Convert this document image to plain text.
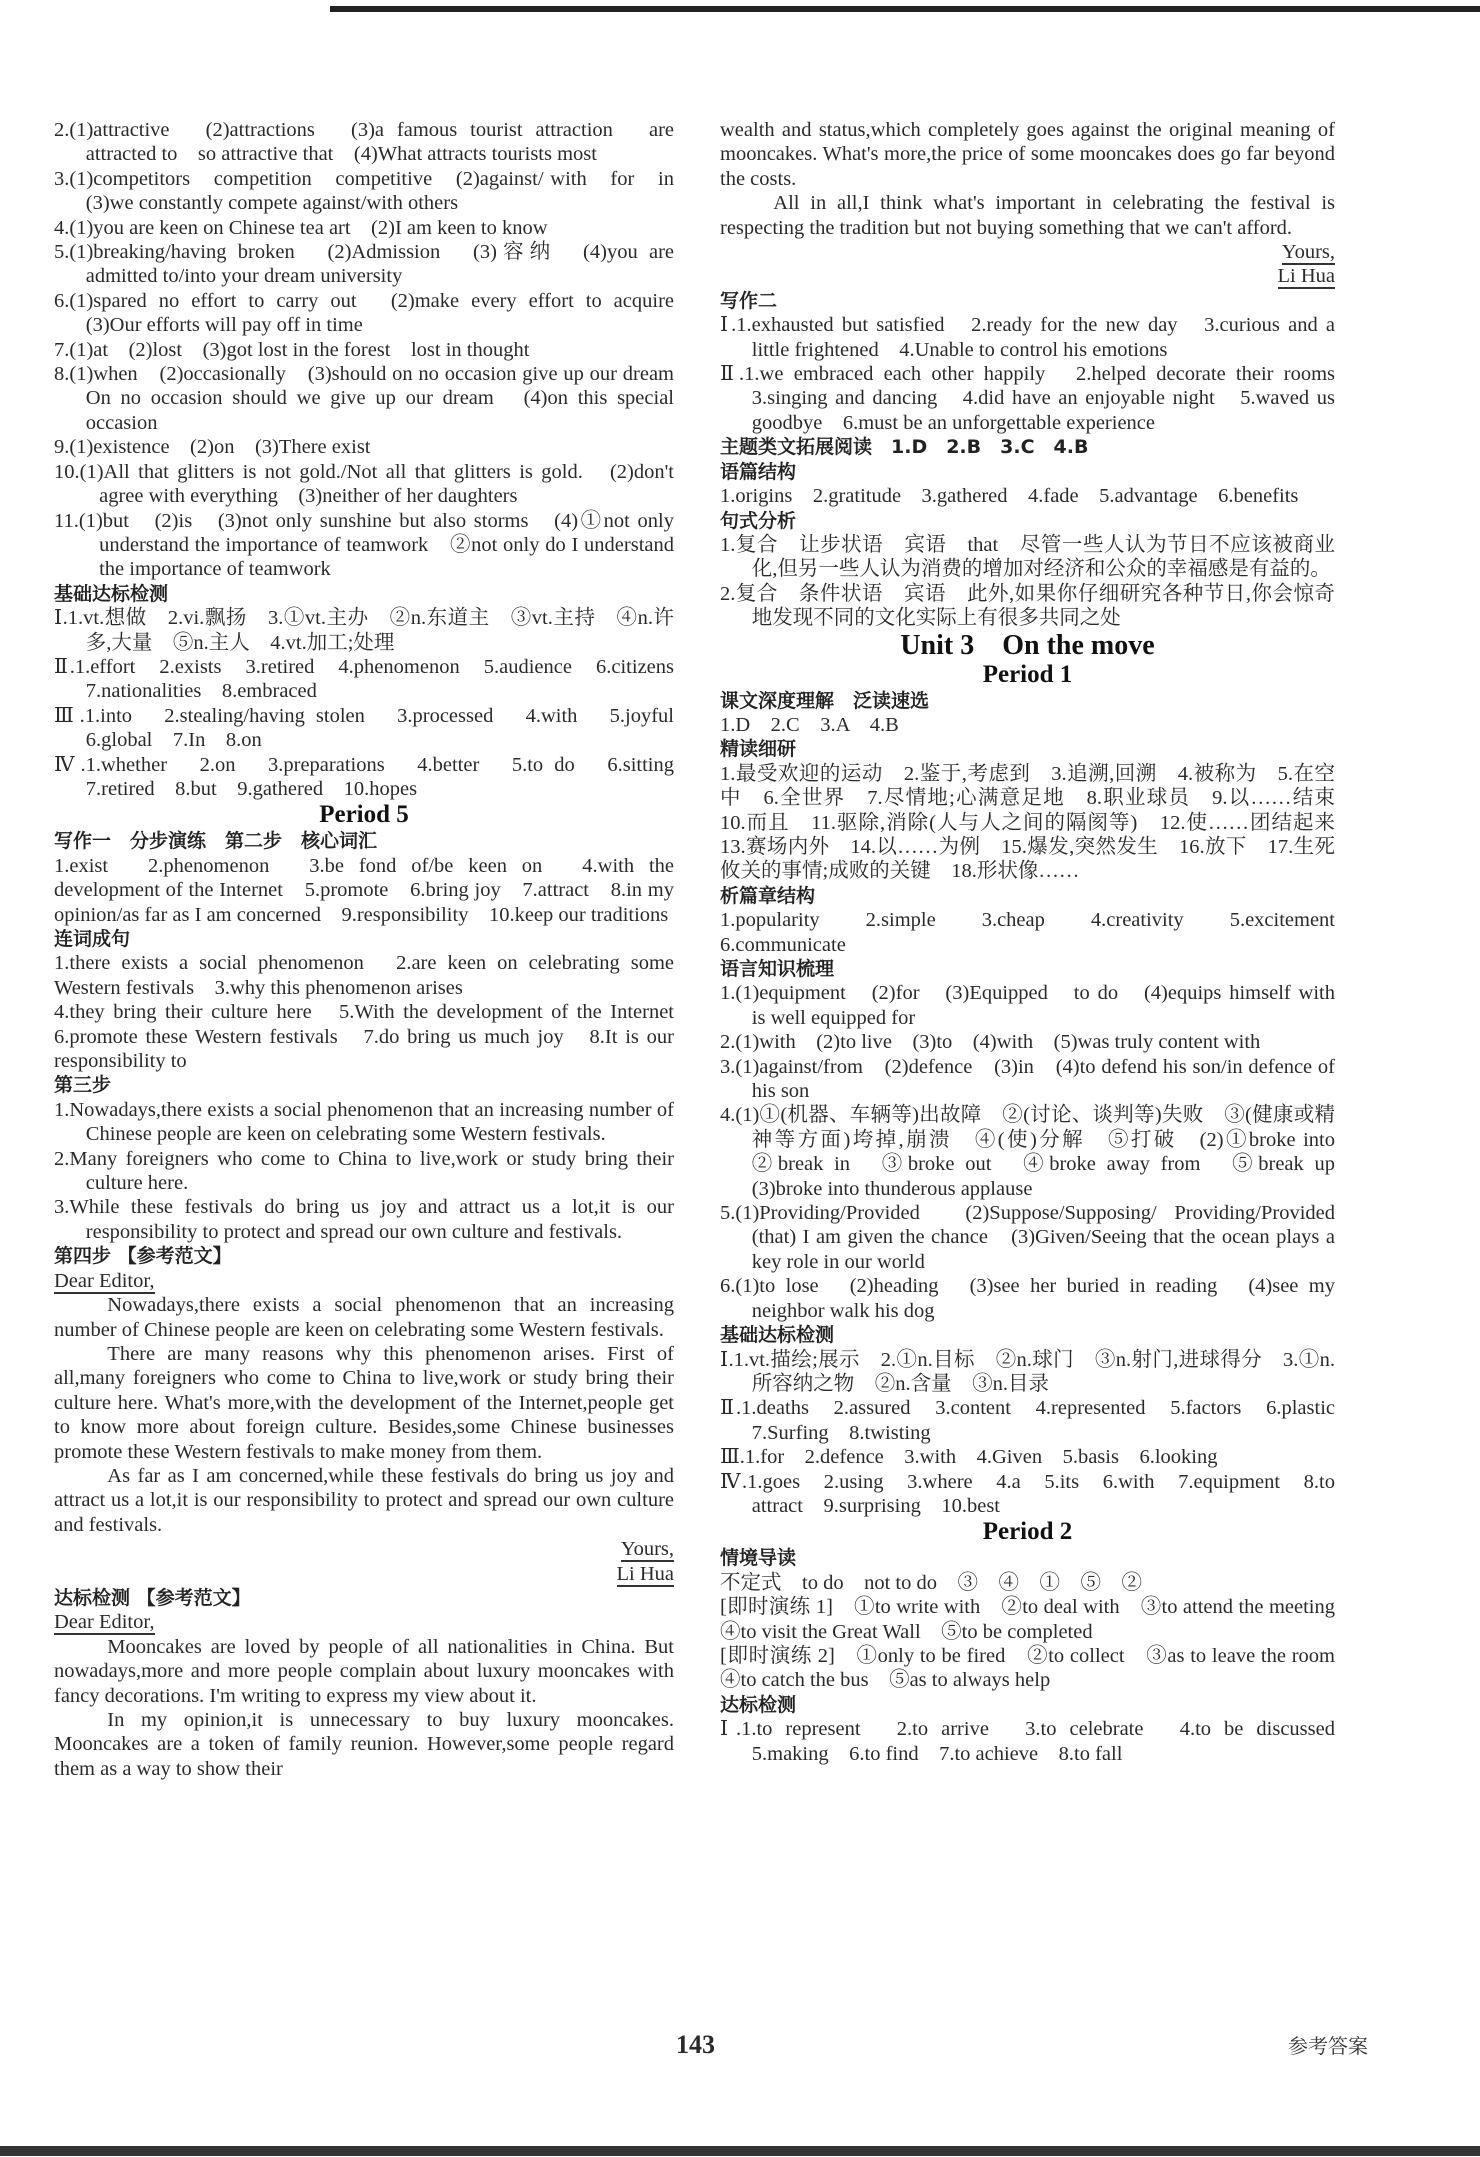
2.(1)attractive　(2)attractions　(3)a famous tourist attraction　are attracted to　so attractive that　(4)What attracts tourists most
3.(1)competitors　competition　competitive　(2)against/ with　for　in　(3)we constantly compete against/with others
4.(1)you are keen on Chinese tea art　(2)I am keen to know
5.(1)breaking/having broken　(2)Admission　(3)容纳　(4)you are admitted to/into your dream university
6.(1)spared no effort to carry out　(2)make every effort to acquire　(3)Our efforts will pay off in time
7.(1)at　(2)lost　(3)got lost in the forest　lost in thought
8.(1)when　(2)occasionally　(3)should on no occasion give up our dream　On no occasion should we give up our dream　(4)on this special occasion
9.(1)existence　(2)on　(3)There exist
10.(1)All that glitters is not gold./Not all that glitters is gold.　(2)don't agree with everything　(3)neither of her daughters
11.(1)but　(2)is　(3)not only sunshine but also storms　(4)①not only understand the importance of teamwork　②not only do I understand the importance of teamwork
基础达标检测
Ⅰ.1.vt.想做　2.vi.飘扬　3.①vt.主办　②n.东道主　③vt.主持　④n.许多,大量　⑤n.主人　4.vt.加工;处理
Ⅱ.1.effort　2.exists　3.retired　4.phenomenon　5.audience　6.citizens　7.nationalities　8.embraced
Ⅲ.1.into　2.stealing/having stolen　3.processed　4.with　5.joyful　6.global　7.In　8.on
Ⅳ.1.whether　2.on　3.preparations　4.better　5.to do　6.sitting　7.retired　8.but　9.gathered　10.hopes
Period 5
写作一　分步演练　第二步　核心词汇
1.exist　2.phenomenon　3.be fond of/be keen on　4.with the development of the Internet　5.promote　6.bring joy　7.attract　8.in my opinion/as far as I am concerned　9.responsibility　10.keep our traditions
连词成句
1.there exists a social phenomenon　2.are keen on celebrating some Western festivals　3.why this phenomenon arises
4.they bring their culture here　5.With the development of the Internet　6.promote these Western festivals　7.do bring us much joy　8.It is our responsibility to
第三步
1.Nowadays,there exists a social phenomenon that an increasing number of Chinese people are keen on celebrating some Western festivals.
2.Many foreigners who come to China to live,work or study bring their culture here.
3.While these festivals do bring us joy and attract us a lot,it is our responsibility to protect and spread our own culture and festivals.
第四步 【参考范文】
Dear Editor,
Nowadays,there exists a social phenomenon that an increasing number of Chinese people are keen on celebrating some Western festivals.
There are many reasons why this phenomenon arises. First of all,many foreigners who come to China to live,work or study bring their culture here. What's more,with the development of the Internet,people get to know more about foreign culture. Besides,some Chinese businesses promote these Western festivals to make money from them.
As far as I am concerned,while these festivals do bring us joy and attract us a lot,it is our responsibility to protect and spread our own culture and festivals.
Yours,
Li Hua
达标检测 【参考范文】
Dear Editor,
Mooncakes are loved by people of all nationalities in China. But nowadays,more and more people complain about luxury mooncakes with fancy decorations. I'm writing to express my view about it.
In my opinion,it is unnecessary to buy luxury mooncakes. Mooncakes are a token of family reunion. However,some people regard them as a way to show their
wealth and status,which completely goes against the original meaning of mooncakes. What's more,the price of some mooncakes does go far beyond the costs.
All in all,I think what's important in celebrating the festival is respecting the tradition but not buying something that we can't afford.
Yours,
Li Hua
写作二
Ⅰ.1.exhausted but satisfied　2.ready for the new day　3.curious and a little frightened　4.Unable to control his emotions
Ⅱ.1.we embraced each other happily　2.helped decorate their rooms　3.singing and dancing　4.did have an enjoyable night　5.waved us goodbye　6.must be an unforgettable experience
主题类文拓展阅读　1.D　2.B　3.C　4.B
语篇结构
1.origins　2.gratitude　3.gathered　4.fade　5.advantage　6.benefits
句式分析
1.复合　让步状语　宾语　that　尽管一些人认为节日不应该被商业化,但另一些人认为消费的增加对经济和公众的幸福感是有益的。
2.复合　条件状语　宾语　此外,如果你仔细研究各种节日,你会惊奇地发现不同的文化实际上有很多共同之处
Unit 3　On the move
Period 1
课文深度理解　泛读速选
1.D　2.C　3.A　4.B
精读细研
1.最受欢迎的运动　2.鉴于,考虑到　3.追溯,回溯　4.被称为　5.在空中　6.全世界　7.尽情地;心满意足地　8.职业球员　9.以……结束　10.而且　11.驱除,消除(人与人之间的隔阂等)　12.使……团结起来　13.赛场内外　14.以……为例　15.爆发,突然发生　16.放下　17.生死攸关的事情;成败的关键　18.形状像……
析篇章结构
1.popularity　2.simple　3.cheap　4.creativity　5.excitement　6.communicate
语言知识梳理
1.(1)equipment　(2)for　(3)Equipped　to do　(4)equips himself with　is well equipped for
2.(1)with　(2)to live　(3)to　(4)with　(5)was truly content with
3.(1)against/from　(2)defence　(3)in　(4)to defend his son/in defence of his son
4.(1)①(机器、车辆等)出故障　②(讨论、谈判等)失败　③(健康或精神等方面)垮掉,崩溃　④(使)分解　⑤打破　(2)①broke into　②break in　③broke out　④broke away from　⑤break up　(3)broke into thunderous applause
5.(1)Providing/Provided　(2)Suppose/Supposing/ Providing/Provided (that) I am given the chance　(3)Given/Seeing that the ocean plays a key role in our world
6.(1)to lose　(2)heading　(3)see her buried in reading　(4)see my neighbor walk his dog
基础达标检测
Ⅰ.1.vt.描绘;展示　2.①n.目标　②n.球门　③n.射门,进球得分　3.①n.所容纳之物　②n.含量　③n.目录
Ⅱ.1.deaths　2.assured　3.content　4.represented　5.factors　6.plastic　7.Surfing　8.twisting
Ⅲ.1.for　2.defence　3.with　4.Given　5.basis　6.looking
Ⅳ.1.goes　2.using　3.where　4.a　5.its　6.with　7.equipment　8.to attract　9.surprising　10.best
Period 2
情境导读
不定式　to do　not to do　③　④　①　⑤　②
[即时演练 1]　①to write with　②to deal with　③to attend the meeting　④to visit the Great Wall　⑤to be completed
[即时演练 2]　①only to be fired　②to collect　③as to leave the room　④to catch the bus　⑤as to always help
达标检测
Ⅰ.1.to represent　2.to arrive　3.to celebrate　4.to be discussed　5.making　6.to find　7.to achieve　8.to fall
143	参考答案
